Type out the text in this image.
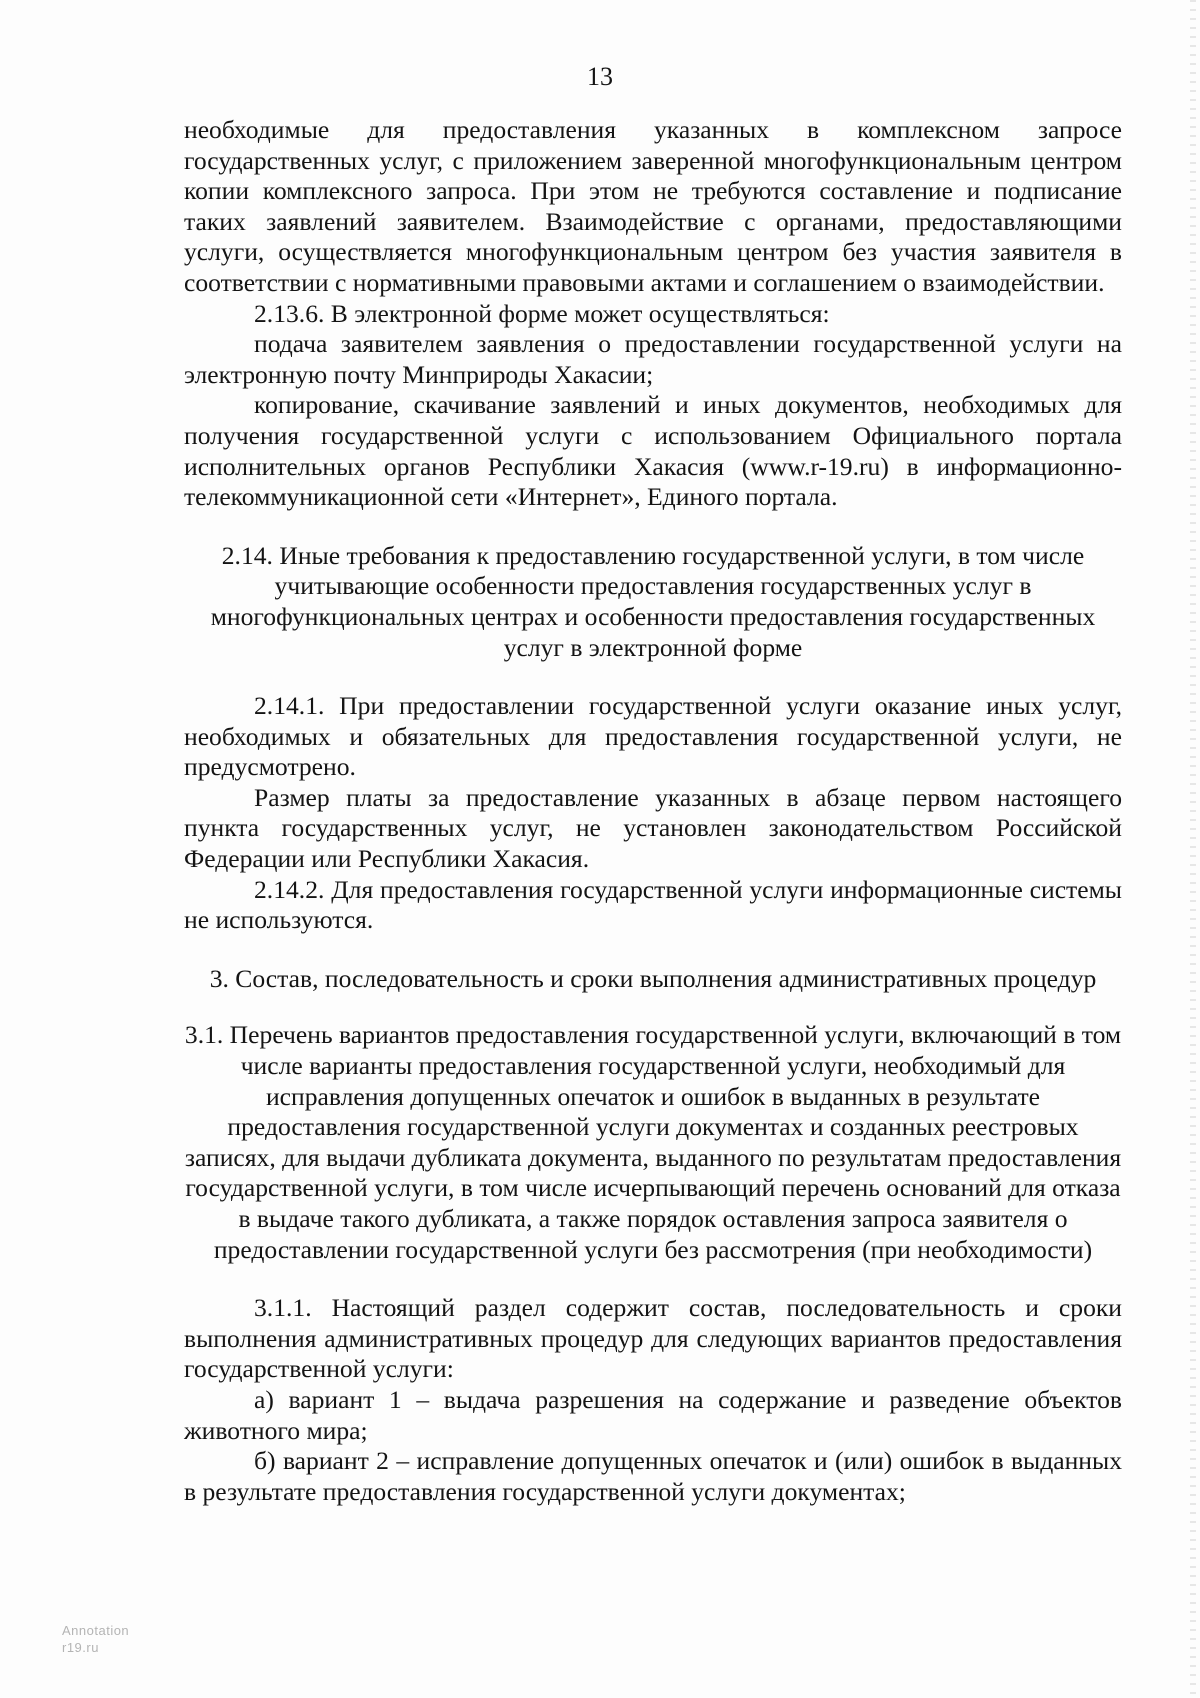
13

необходимые для предоставления указанных в комплексном запросе государственных услуг, с приложением заверенной многофункциональным центром копии комплексного запроса. При этом не требуются составление и подписание таких заявлений заявителем. Взаимодействие с органами, предоставляющими услуги, осуществляется многофункциональным центром без участия заявителя в соответствии с нормативными правовыми актами и соглашением о взаимодействии.

2.13.6. В электронной форме может осуществляться:

подача заявителем заявления о предоставлении государственной услуги на электронную почту Минприроды Хакасии;

копирование, скачивание заявлений и иных документов, необходимых для получения государственной услуги с использованием Официального портала исполнительных органов Республики Хакасия (www.r-19.ru) в информационно-телекоммуникационной сети «Интернет», Единого портала.

2.14. Иные требования к предоставлению государственной услуги, в том числе учитывающие особенности предоставления государственных услуг в многофункциональных центрах и особенности предоставления государственных услуг в электронной форме

2.14.1. При предоставлении государственной услуги оказание иных услуг, необходимых и обязательных для предоставления государственной услуги, не предусмотрено.

Размер платы за предоставление указанных в абзаце первом настоящего пункта государственных услуг, не установлен законодательством Российской Федерации или Республики Хакасия.

2.14.2. Для предоставления государственной услуги информационные системы не используются.

3. Состав, последовательность и сроки выполнения административных процедур

3.1. Перечень вариантов предоставления государственной услуги, включающий в том числе варианты предоставления государственной услуги, необходимый для исправления допущенных опечаток и ошибок в выданных в результате предоставления государственной услуги документах и созданных реестровых записях, для выдачи дубликата документа, выданного по результатам предоставления государственной услуги, в том числе исчерпывающий перечень оснований для отказа в выдаче такого дубликата, а также порядок оставления запроса заявителя о предоставлении государственной услуги без рассмотрения (при необходимости)

3.1.1. Настоящий раздел содержит состав, последовательность и сроки выполнения административных процедур для следующих вариантов предоставления государственной услуги:

а) вариант 1 – выдача разрешения на содержание и разведение объектов животного мира;

б) вариант 2 – исправление допущенных опечаток и (или) ошибок в выданных в результате предоставления государственной услуги документах;

Annotation
r19.ru
